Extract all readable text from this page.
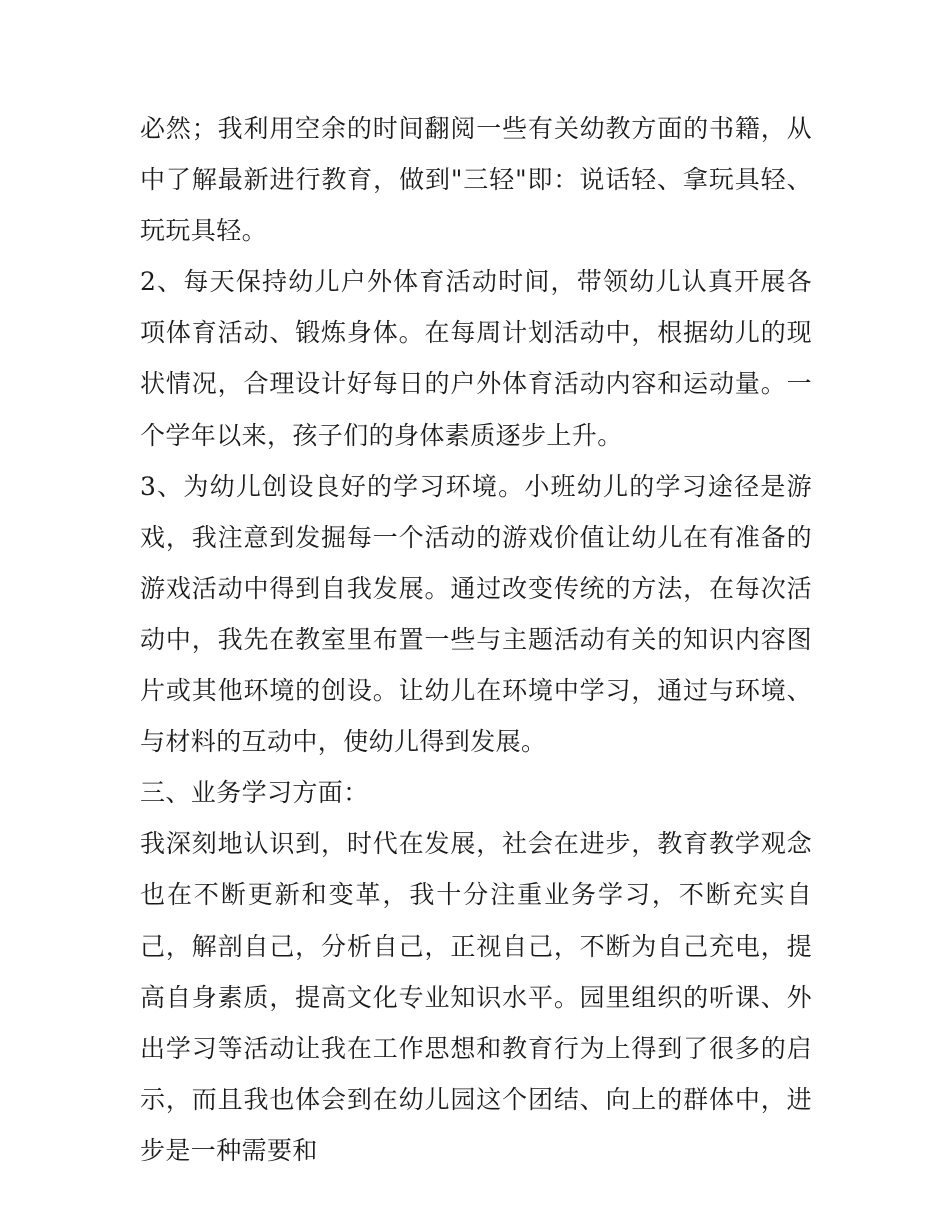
必然；我利用空余的时间翻阅一些有关幼教方面的书籍，从中了解最新进行教育，做到"三轻"即：说话轻、拿玩具轻、玩玩具轻。

2、每天保持幼儿户外体育活动时间，带领幼儿认真开展各项体育活动、锻炼身体。在每周计划活动中，根据幼儿的现状情况，合理设计好每日的户外体育活动内容和运动量。一个学年以来，孩子们的身体素质逐步上升。

3、为幼儿创设良好的学习环境。小班幼儿的学习途径是游戏，我注意到发掘每一个活动的游戏价值让幼儿在有准备的游戏活动中得到自我发展。通过改变传统的方法，在每次活动中，我先在教室里布置一些与主题活动有关的知识内容图片或其他环境的创设。让幼儿在环境中学习，通过与环境、与材料的互动中，使幼儿得到发展。

三、业务学习方面：

我深刻地认识到，时代在发展，社会在进步，教育教学观念也在不断更新和变革，我十分注重业务学习，不断充实自己，解剖自己，分析自己，正视自己，不断为自己充电，提高自身素质，提高文化专业知识水平。园里组织的听课、外出学习等活动让我在工作思想和教育行为上得到了很多的启示，而且我也体会到在幼儿园这个团结、向上的群体中，进步是一种需要和
